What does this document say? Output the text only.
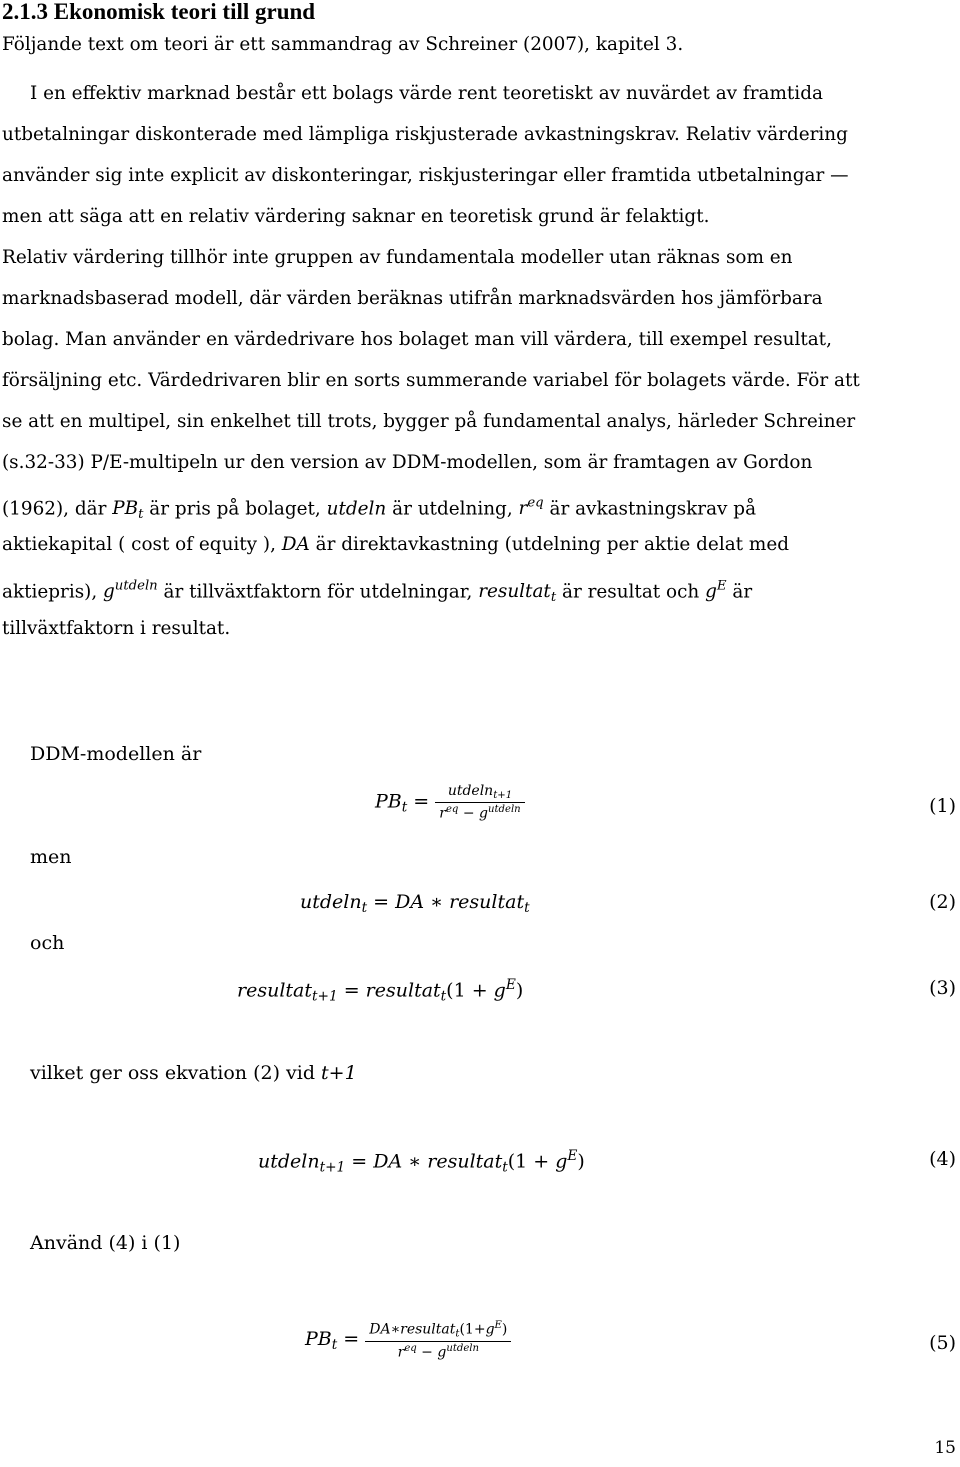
2.1.3 Ekonomisk teori till grund
Följande text om teori är ett sammandrag av Schreiner (2007), kapitel 3.
I en effektiv marknad består ett bolags värde rent teoretiskt av nuvärdet av framtida
utbetalningar diskonterade med lämpliga riskjusterade avkastningskrav. Relativ värdering
använder sig inte explicit av diskonteringar, riskjusteringar eller framtida utbetalningar —
men att säga att en relativ värdering saknar en teoretisk grund är felaktigt.
Relativ värdering tillhör inte gruppen av fundamentala modeller utan räknas som en
marknadsbaserad modell, där värden beräknas utifrån marknadsvärden hos jämförbara
bolag. Man använder en värdedrivare hos bolaget man vill värdera, till exempel resultat,
försäljning etc. Värdedrivaren blir en sorts summerande variabel för bolagets värde. För att
se att en multipel, sin enkelhet till trots, bygger på fundamental analys, härleder Schreiner
(s.32-33) P/E-multipeln ur den version av DDM-modellen, som är framtagen av Gordon
(1962), där $PB_t$ är pris på bolaget, utdeln är utdelning, $r^{eq}$ är avkastningskrav på
aktiekapital ( cost of equity ), DA är direktavkastning (utdelning per aktie delat med
aktiepris), $g^{utdeln}$ är tillväxtfaktorn för utdelningar, resultat$_t$ är resultat och $g^E$ är
tillväxtfaktorn i resultat.
DDM-modellen är
$PB_t = \frac{utdeln_{t+1}}{r^{eq} - g^{utdeln}}$	(1)
men
utdeln$_t$ = DA ∗ resultat$_t$	(2)
och
resultat$_{t+1}$ = resultat$_t$(1 + $g^E$)	(3)
vilket ger oss ekvation (2) vid t+1
utdeln$_{t+1}$ = DA ∗ resultat$_t$(1 + $g^E$)	(4)
Använd (4) i (1)
$PB_t = \frac{DA∗resultat_t(1+g^E)}{r^{eq} - g^{utdeln}}$	(5)
15
